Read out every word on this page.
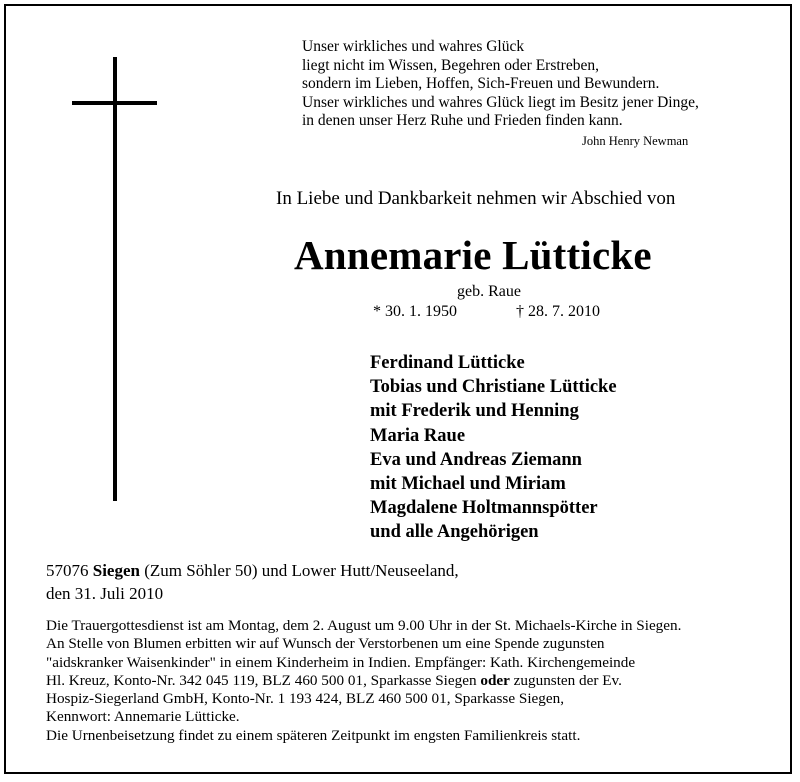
Unser wirkliches und wahres Glück
liegt nicht im Wissen, Begehren oder Erstreben,
sondern im Lieben, Hoffen, Sich-Freuen und Bewundern.
Unser wirkliches und wahres Glück liegt im Besitz jener Dinge,
in denen unser Herz Ruhe und Frieden finden kann.
John Henry Newman
In Liebe und Dankbarkeit nehmen wir Abschied von
Annemarie Lütticke
geb. Raue
* 30. 1. 1950	† 28. 7. 2010
Ferdinand Lütticke
Tobias und Christiane Lütticke
mit Frederik und Henning
Maria Raue
Eva und Andreas Ziemann
mit Michael und Miriam
Magdalene Holtmannspötter
und alle Angehörigen
57076 Siegen (Zum Söhler 50) und Lower Hutt/Neuseeland,
den 31. Juli 2010
Die Trauergottesdienst ist am Montag, dem 2. August um 9.00 Uhr in der St. Michaels-Kirche in Siegen.
An Stelle von Blumen erbitten wir auf Wunsch der Verstorbenen um eine Spende zugunsten
"aidskranker Waisenkinder" in einem Kinderheim in Indien. Empfänger: Kath. Kirchengemeinde
Hl. Kreuz, Konto-Nr. 342 045 119, BLZ 460 500 01, Sparkasse Siegen oder zugunsten der Ev.
Hospiz-Siegerland GmbH, Konto-Nr. 1 193 424, BLZ 460 500 01, Sparkasse Siegen,
Kennwort: Annemarie Lütticke.
Die Urnenbeisetzung findet zu einem späteren Zeitpunkt im engsten Familienkreis statt.
